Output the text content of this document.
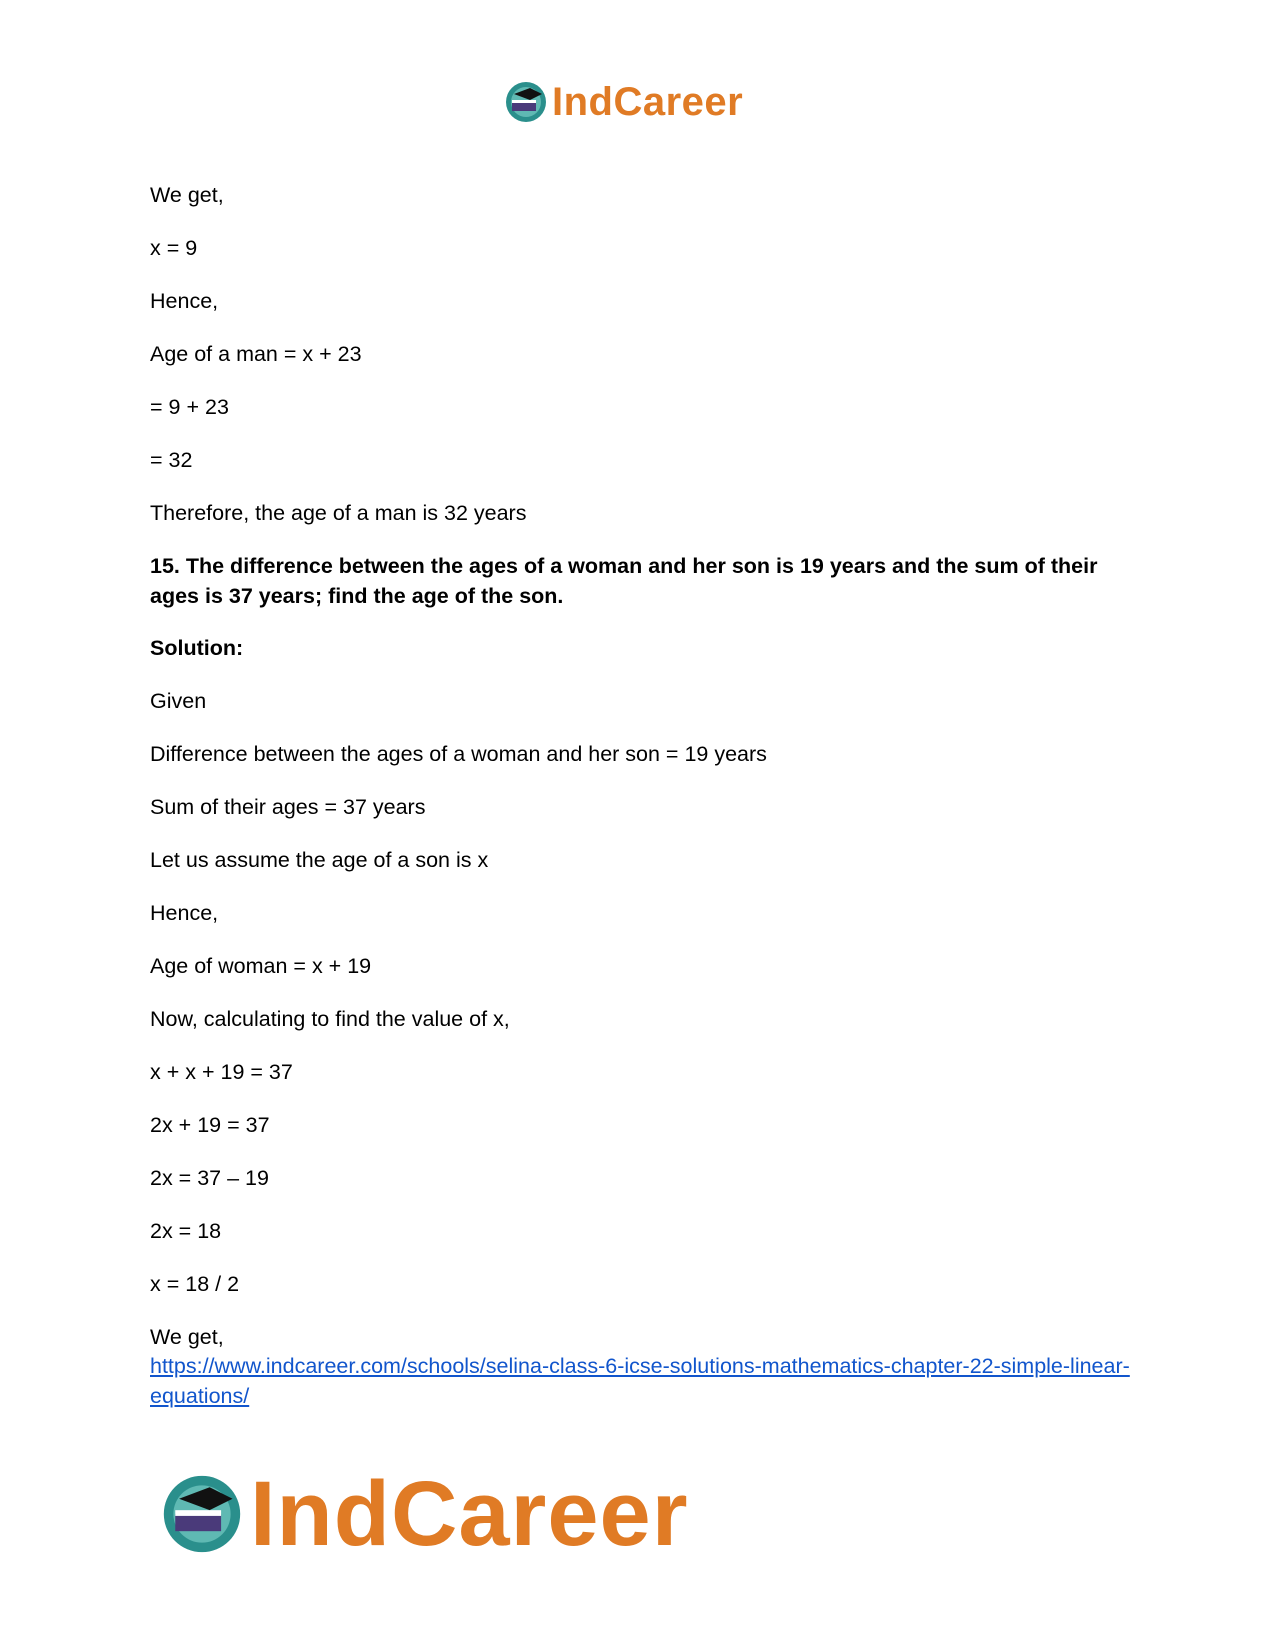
IndCareer

We get,

x = 9

Hence,

Age of a man = x + 23

= 9 + 23

= 32

Therefore, the age of a man is 32 years

15. The difference between the ages of a woman and her son is 19 years and the sum of their ages is 37 years; find the age of the son.

Solution:

Given

Difference between the ages of a woman and her son = 19 years

Sum of their ages = 37 years

Let us assume the age of a son is x

Hence,

Age of woman = x + 19

Now, calculating to find the value of x,

x + x + 19 = 37

2x + 19 = 37

2x = 37 – 19

2x = 18

x = 18 / 2

We get,

https://www.indcareer.com/schools/selina-class-6-icse-solutions-mathematics-chapter-22-simple-linear-equations/
IndCareer
